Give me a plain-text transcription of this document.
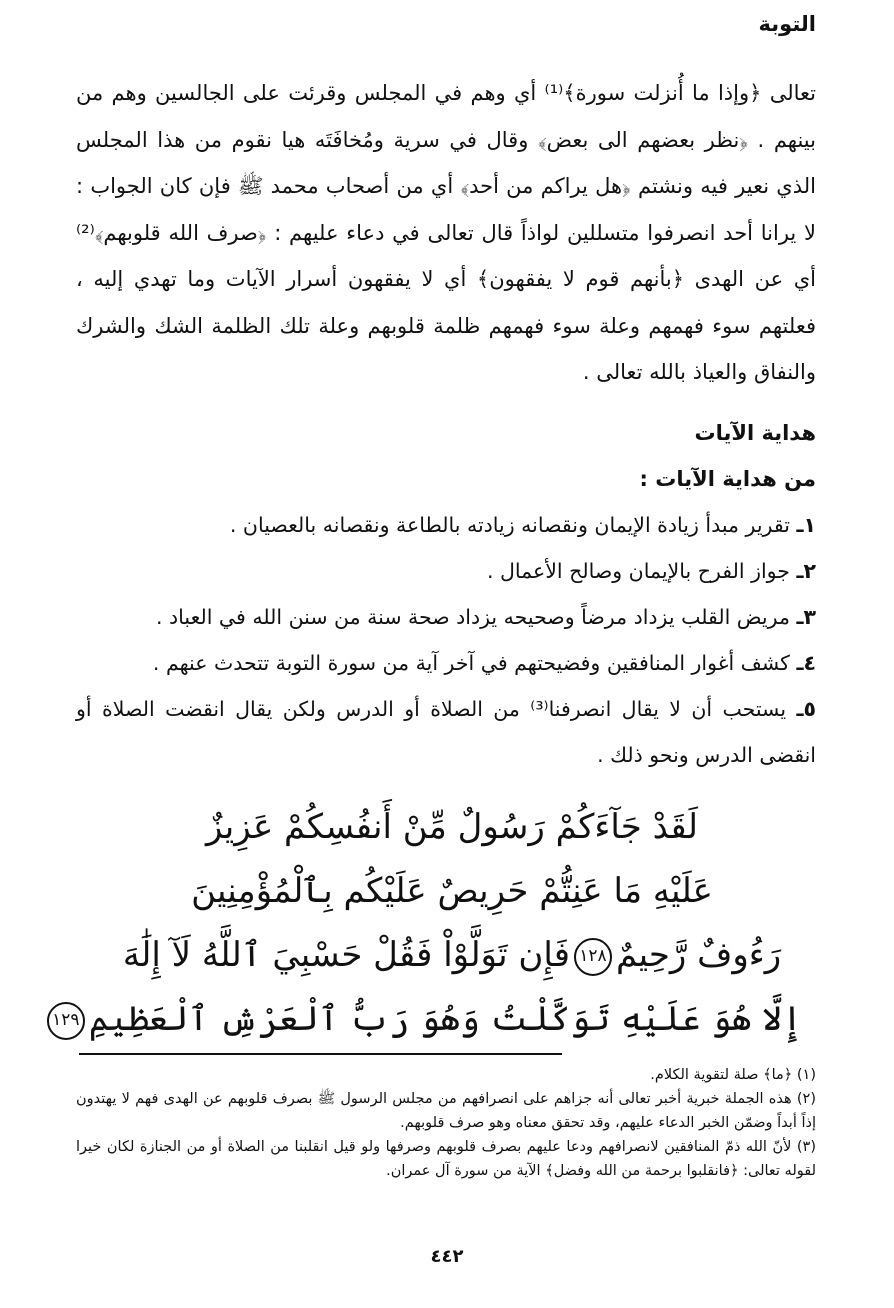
التوبة

تعالى ﴿وإذا ما أُنزلت سورة﴾⁽¹⁾ أي وهم في المجلس وقرئت على الجالسين وهم من بينهم . ﴿نظر بعضهم الى بعض﴾ وقال في سرية ومُخافَتَه هيا نقوم من هذا المجلس الذي نعير فيه ونشتم ﴿هل يراكم من أحد﴾ أي من أصحاب محمد ﷺ فإن كان الجواب : لا يرانا أحد انصرفوا متسللين لواذاً قال تعالى في دعاء عليهم : ﴿صرف الله قلوبهم﴾⁽²⁾ أي عن الهدى ﴿بأنهم قوم لا يفقهون﴾ أي لا يفقهون أسرار الآيات وما تهدي إليه ، فعلتهم سوء فهمهم وعلة سوء فهمهم ظلمة قلوبهم وعلة تلك الظلمة الشك والشرك والنفاق والعياذ بالله تعالى .

هداية الآيات
من هداية الآيات :

١ـ تقرير مبدأ زيادة الإيمان ونقصانه زيادته بالطاعة ونقصانه بالعصيان .

٢ـ جواز الفرح بالإيمان وصالح الأعمال .

٣ـ مريض القلب يزداد مرضاً وصحيحه يزداد صحة سنة من سنن الله في العباد .

٤ـ كشف أغوار المنافقين وفضيحتهم في آخر آية من سورة التوبة تتحدث عنهم .

٥ـ يستحب أن لا يقال انصرفنا⁽³⁾ من الصلاة أو الدرس ولكن يقال انقضت الصلاة أو انقضى الدرس ونحو ذلك .

لَقَدْ جَآءَكُمْ رَسُولٌ مِّنْ أَنفُسِكُمْ عَزِيزٌ

عَلَيْهِ مَا عَنِتُّمْ حَرِيصٌ عَلَيْكُم بِٱلْمُؤْمِنِينَ

رَءُوفٌ رَّحِيمٌ١٢٨فَإِن تَوَلَّوْاْ فَقُلْ حَسْبِيَ ٱللَّهُ لَآ إِلَٰهَ

إِلَّا هُوَ عَلَيْهِ تَوَكَّلْتُ وَهُوَ رَبُّ ٱلْعَرْشِ ٱلْعَظِيمِ١٢٩

(١) ﴿ما﴾ صلة لتقوية الكلام.

(٢) هذه الجملة خبرية أخبر تعالى أنه جزاهم على انصرافهم من مجلس الرسول ﷺ بصرف قلوبهم عن الهدى فهم لا يهتدون إذاً أبداً وضمّن الخبر الدعاء عليهم، وقد تحقق معناه وهو صرف قلوبهم.

(٣) لأنّ الله ذمّ المنافقين لانصرافهم ودعا عليهم بصرف قلوبهم وصرفها ولو قيل انقلبنا من الصلاة أو من الجنازة لكان خيرا لقوله تعالى: ﴿فانقلبوا برحمة من الله وفضل﴾ الآية من سورة آل عمران.

٤٤٢
